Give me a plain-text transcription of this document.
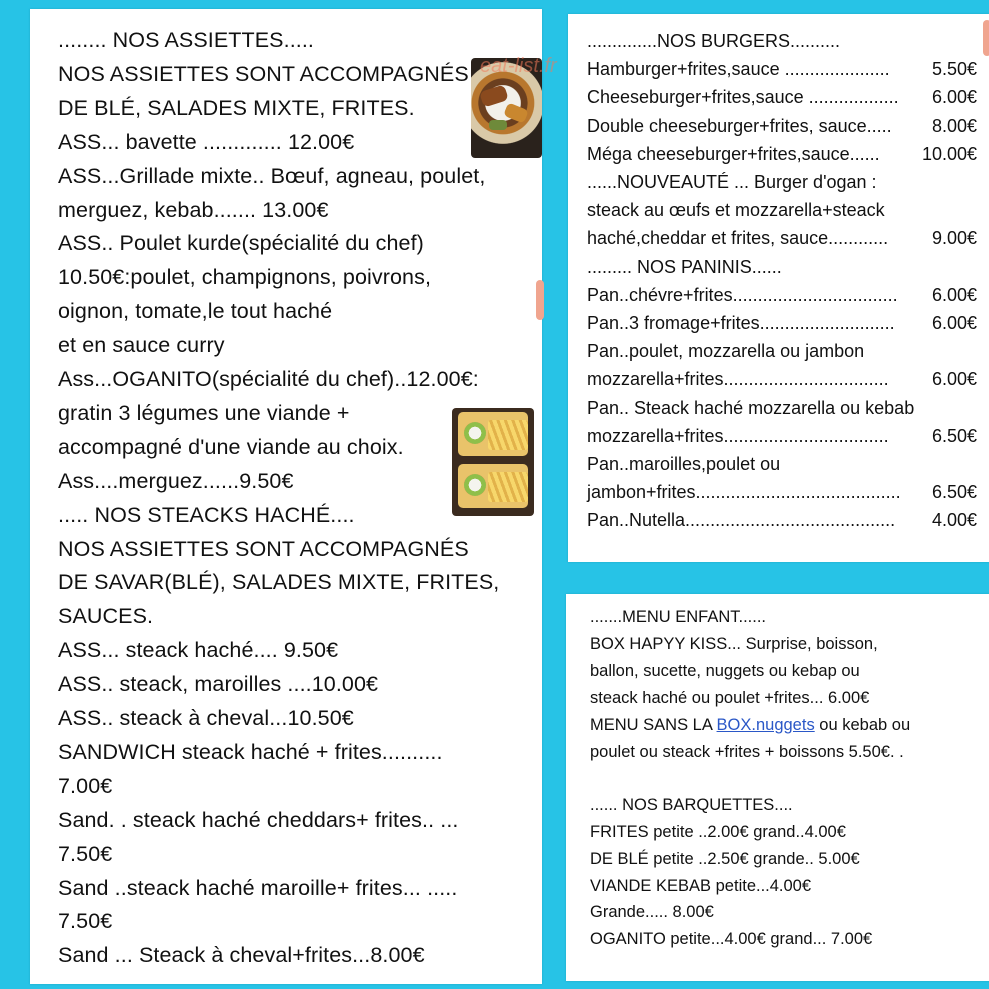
........ NOS ASSIETTES.....
NOS ASSIETTES SONT ACCOMPAGNÉS
DE BLÉ, SALADES MIXTE, FRITES.
ASS... bavette ............. 12.00€
ASS...Grillade mixte.. Bœuf, agneau, poulet,
merguez, kebab....... 13.00€
ASS.. Poulet kurde(spécialité du chef)
10.50€:poulet, champignons, poivrons,
oignon, tomate,le tout haché
et en sauce curry
Ass...OGANITO(spécialité du chef)..12.00€:
gratin 3 légumes une viande +
accompagné d'une viande au choix.
Ass....merguez......9.50€
..... NOS STEACKS HACHÉ....
NOS ASSIETTES SONT ACCOMPAGNÉS
DE SAVAR(BLÉ), SALADES MIXTE, FRITES,
SAUCES.
ASS... steack haché.... 9.50€
ASS.. steack, maroilles ....10.00€
ASS.. steack à cheval...10.50€
SANDWICH steack haché + frites..........
7.00€
Sand. . steack haché cheddars+ frites.. ...
7.50€
Sand ..steack haché maroille+ frites... .....
7.50€
Sand ... Steack à cheval+frites...8.00€
eat-list.fr
..............NOS BURGERS..........
Hamburger+frites,sauce ..................... 5.50€
Cheeseburger+frites,sauce .................. 6.00€
Double cheeseburger+frites, sauce..... 8.00€
Méga cheeseburger+frites,sauce...... 10.00€
......NOUVEAUTÉ ... Burger d'ogan :
steack au œufs et mozzarella+steack
haché,cheddar et frites, sauce............ 9.00€
......... NOS PANINIS......
Pan..chévre+frites................................. 6.00€
Pan..3 fromage+frites........................... 6.00€
Pan..poulet, mozzarella ou jambon
mozzarella+frites................................. 6.00€
Pan.. Steack haché mozzarella ou kebab
mozzarella+frites................................. 6.50€
Pan..maroilles,poulet ou
jambon+frites......................................... 6.50€
Pan..Nutella.......................................... 4.00€
.......MENU ENFANT......
BOX HAPYY KISS... Surprise, boisson,
ballon, sucette, nuggets ou kebap ou
steack haché ou poulet +frites... 6.00€
MENU SANS LA BOX.nuggets ou kebab ou
poulet ou steack +frites + boissons 5.50€. .
...... NOS BARQUETTES....
FRITES petite ..2.00€ grand..4.00€
DE BLÉ petite ..2.50€ grande.. 5.00€
VIANDE KEBAB petite...4.00€
Grande..... 8.00€
OGANITO petite...4.00€ grand... 7.00€
